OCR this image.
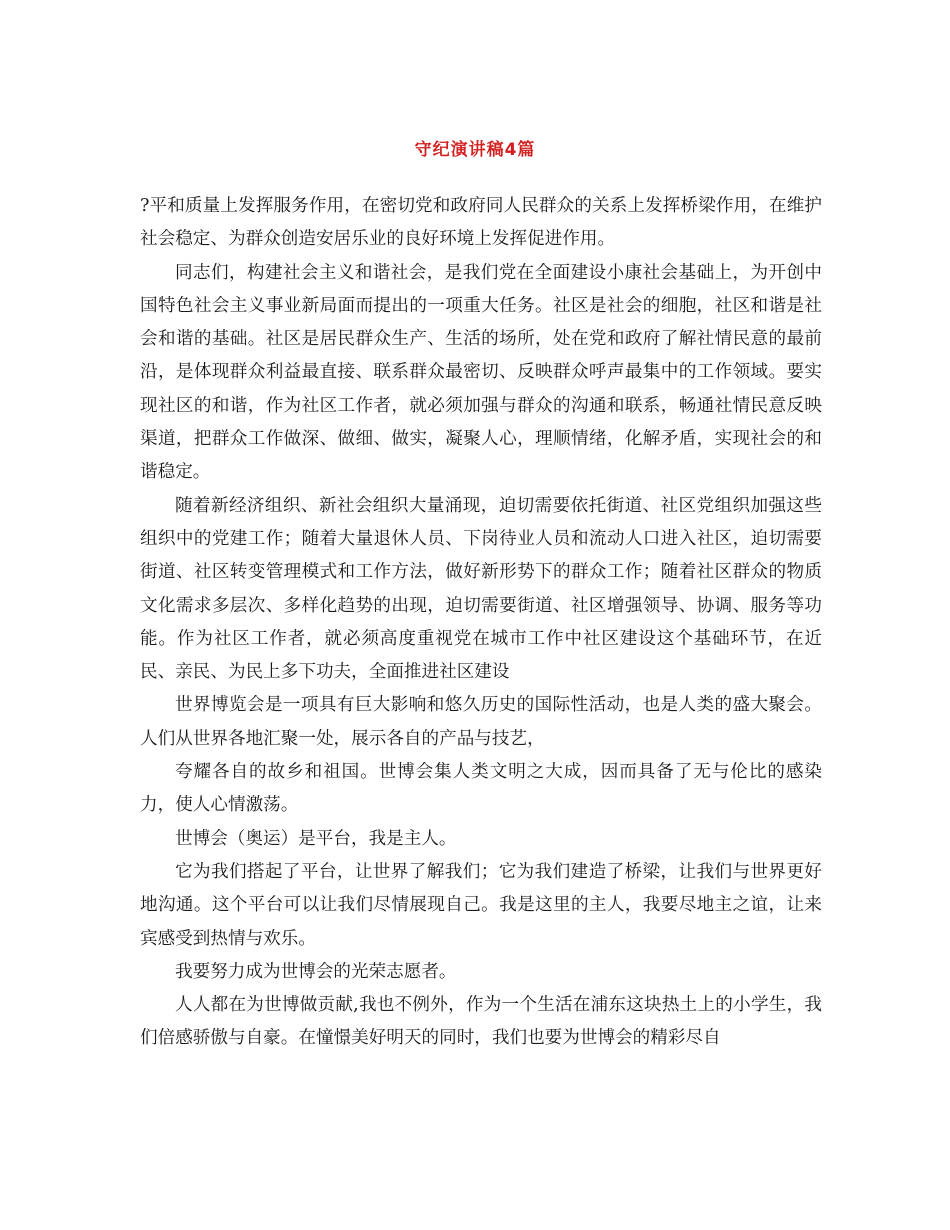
守纪演讲稿4篇

?平和质量上发挥服务作用，在密切党和政府同人民群众的关系上发挥桥梁作用，在维护社会稳定、为群众创造安居乐业的良好环境上发挥促进作用。

同志们，构建社会主义和谐社会，是我们党在全面建设小康社会基础上，为开创中国特色社会主义事业新局面而提出的一项重大任务。社区是社会的细胞，社区和谐是社会和谐的基础。社区是居民群众生产、生活的场所，处在党和政府了解社情民意的最前沿，是体现群众利益最直接、联系群众最密切、反映群众呼声最集中的工作领域。要实现社区的和谐，作为社区工作者，就必须加强与群众的沟通和联系，畅通社情民意反映渠道，把群众工作做深、做细、做实，凝聚人心，理顺情绪，化解矛盾，实现社会的和谐稳定。

随着新经济组织、新社会组织大量涌现，迫切需要依托街道、社区党组织加强这些组织中的党建工作；随着大量退休人员、下岗待业人员和流动人口进入社区，迫切需要街道、社区转变管理模式和工作方法，做好新形势下的群众工作；随着社区群众的物质文化需求多层次、多样化趋势的出现，迫切需要街道、社区增强领导、协调、服务等功能。作为社区工作者，就必须高度重视党在城市工作中社区建设这个基础环节，在近民、亲民、为民上多下功夫，全面推进社区建设

世界博览会是一项具有巨大影响和悠久历史的国际性活动，也是人类的盛大聚会。人们从世界各地汇聚一处，展示各自的产品与技艺，

夸耀各自的故乡和祖国。世博会集人类文明之大成，因而具备了无与伦比的感染力，使人心情激荡。

世博会（奥运）是平台，我是主人。

它为我们搭起了平台，让世界了解我们；它为我们建造了桥梁，让我们与世界更好地沟通。这个平台可以让我们尽情展现自己。我是这里的主人，我要尽地主之谊，让来宾感受到热情与欢乐。

我要努力成为世博会的光荣志愿者。

人人都在为世博做贡献,我也不例外，作为一个生活在浦东这块热土上的小学生，我们倍感骄傲与自豪。在憧憬美好明天的同时，我们也要为世博会的精彩尽自
